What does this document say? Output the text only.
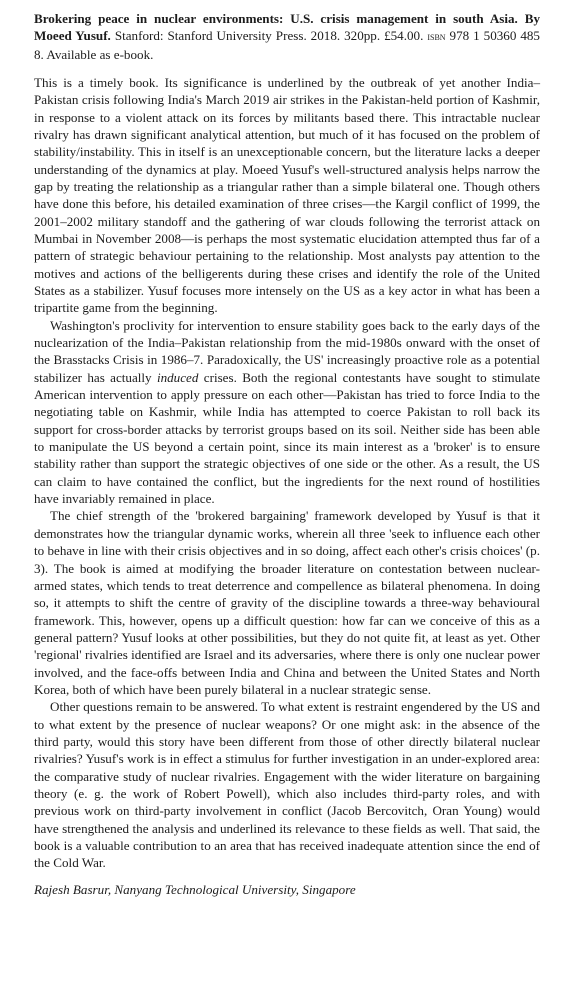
Brokering peace in nuclear environments: U.S. crisis management in south Asia. By Moeed Yusuf. Stanford: Stanford University Press. 2018. 320pp. £54.00. isbn 978 1 50360 485 8. Available as e-book.

This is a timely book. Its significance is underlined by the outbreak of yet another India–Pakistan crisis following India's March 2019 air strikes in the Pakistan-held portion of Kashmir, in response to a violent attack on its forces by militants based there. This intractable nuclear rivalry has drawn significant analytical attention, but much of it has focused on the problem of stability/instability. This in itself is an unexceptionable concern, but the literature lacks a deeper understanding of the dynamics at play. Moeed Yusuf's well-structured analysis helps narrow the gap by treating the relationship as a triangular rather than a simple bilateral one. Though others have done this before, his detailed examination of three crises—the Kargil conflict of 1999, the 2001–2002 military standoff and the gathering of war clouds following the terrorist attack on Mumbai in November 2008—is perhaps the most systematic elucidation attempted thus far of a pattern of strategic behaviour pertaining to the relationship. Most analysts pay attention to the motives and actions of the belligerents during these crises and identify the role of the United States as a stabilizer. Yusuf focuses more intensely on the US as a key actor in what has been a tripartite game from the beginning.

Washington's proclivity for intervention to ensure stability goes back to the early days of the nuclearization of the India–Pakistan relationship from the mid-1980s onward with the onset of the Brasstacks Crisis in 1986–7. Paradoxically, the US' increasingly proactive role as a potential stabilizer has actually induced crises. Both the regional contestants have sought to stimulate American intervention to apply pressure on each other—Pakistan has tried to force India to the negotiating table on Kashmir, while India has attempted to coerce Pakistan to roll back its support for cross-border attacks by terrorist groups based on its soil. Neither side has been able to manipulate the US beyond a certain point, since its main interest as a 'broker' is to ensure stability rather than support the strategic objectives of one side or the other. As a result, the US can claim to have contained the conflict, but the ingredients for the next round of hostilities have invariably remained in place.

The chief strength of the 'brokered bargaining' framework developed by Yusuf is that it demonstrates how the triangular dynamic works, wherein all three 'seek to influence each other to behave in line with their crisis objectives and in so doing, affect each other's crisis choices' (p. 3). The book is aimed at modifying the broader literature on contestation between nuclear-armed states, which tends to treat deterrence and compellence as bilateral phenomena. In doing so, it attempts to shift the centre of gravity of the discipline towards a three-way behavioural framework. This, however, opens up a difficult question: how far can we conceive of this as a general pattern? Yusuf looks at other possibilities, but they do not quite fit, at least as yet. Other 'regional' rivalries identified are Israel and its adversaries, where there is only one nuclear power involved, and the face-offs between India and China and between the United States and North Korea, both of which have been purely bilateral in a nuclear strategic sense.

Other questions remain to be answered. To what extent is restraint engendered by the US and to what extent by the presence of nuclear weapons? Or one might ask: in the absence of the third party, would this story have been different from those of other directly bilateral nuclear rivalries? Yusuf's work is in effect a stimulus for further investigation in an under-explored area: the comparative study of nuclear rivalries. Engagement with the wider literature on bargaining theory (e. g. the work of Robert Powell), which also includes third-party roles, and with previous work on third-party involvement in conflict (Jacob Bercovitch, Oran Young) would have strengthened the analysis and underlined its relevance to these fields as well. That said, the book is a valuable contribution to an area that has received inadequate attention since the end of the Cold War.

Rajesh Basrur, Nanyang Technological University, Singapore
